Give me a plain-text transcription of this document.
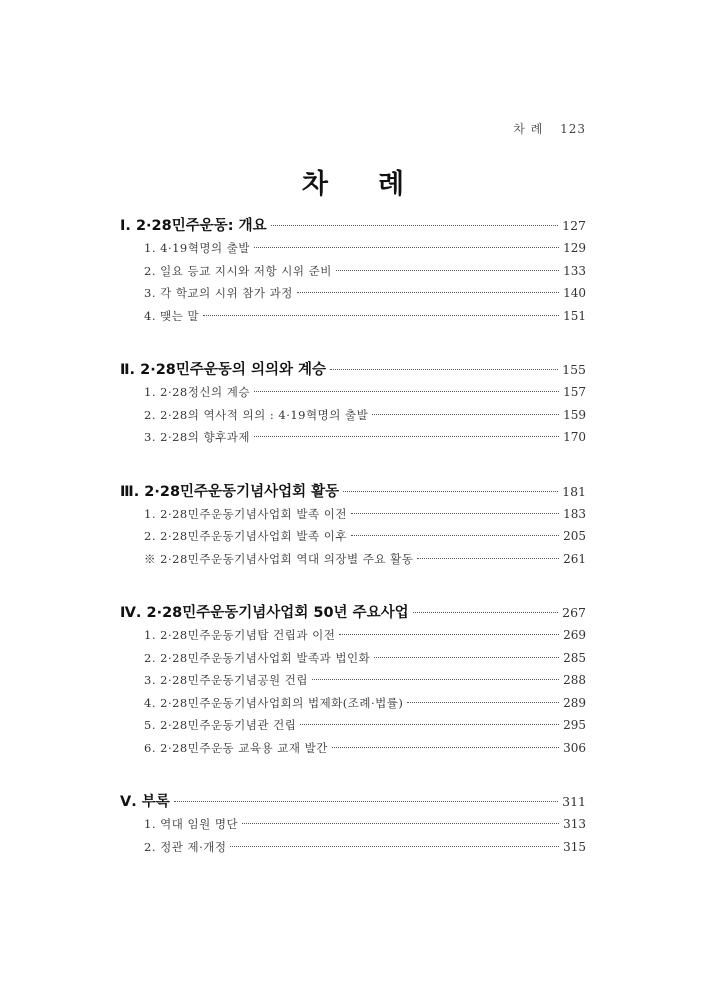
차 례 123
차례
Ⅰ. 2·28민주운동: 개요	127
1. 4·19혁명의 출발	129
2. 일요 등교 지시와 저항 시위 준비	133
3. 각 학교의 시위 참가 과정	140
4. 맺는 말	151
Ⅱ. 2·28민주운동의 의의와 계승	155
1. 2·28정신의 계승	157
2. 2·28의 역사적 의의 : 4·19혁명의 출발	159
3. 2·28의 향후과제	170
Ⅲ. 2·28민주운동기념사업회 활동	181
1. 2·28민주운동기념사업회 발족 이전	183
2. 2·28민주운동기념사업회 발족 이후	205
※ 2·28민주운동기념사업회 역대 의장별 주요 활동	261
Ⅳ. 2·28민주운동기념사업회 50년 주요사업	267
1. 2·28민주운동기념탑 건립과 이전	269
2. 2·28민주운동기념사업회 발족과 법인화	285
3. 2·28민주운동기념공원 건립	288
4. 2·28민주운동기념사업회의 법제화(조례·법률)	289
5. 2·28민주운동기념관 건립	295
6. 2·28민주운동 교육용 교재 발간	306
Ⅴ. 부록	311
1. 역대 임원 명단	313
2. 정관 제·개정	315
